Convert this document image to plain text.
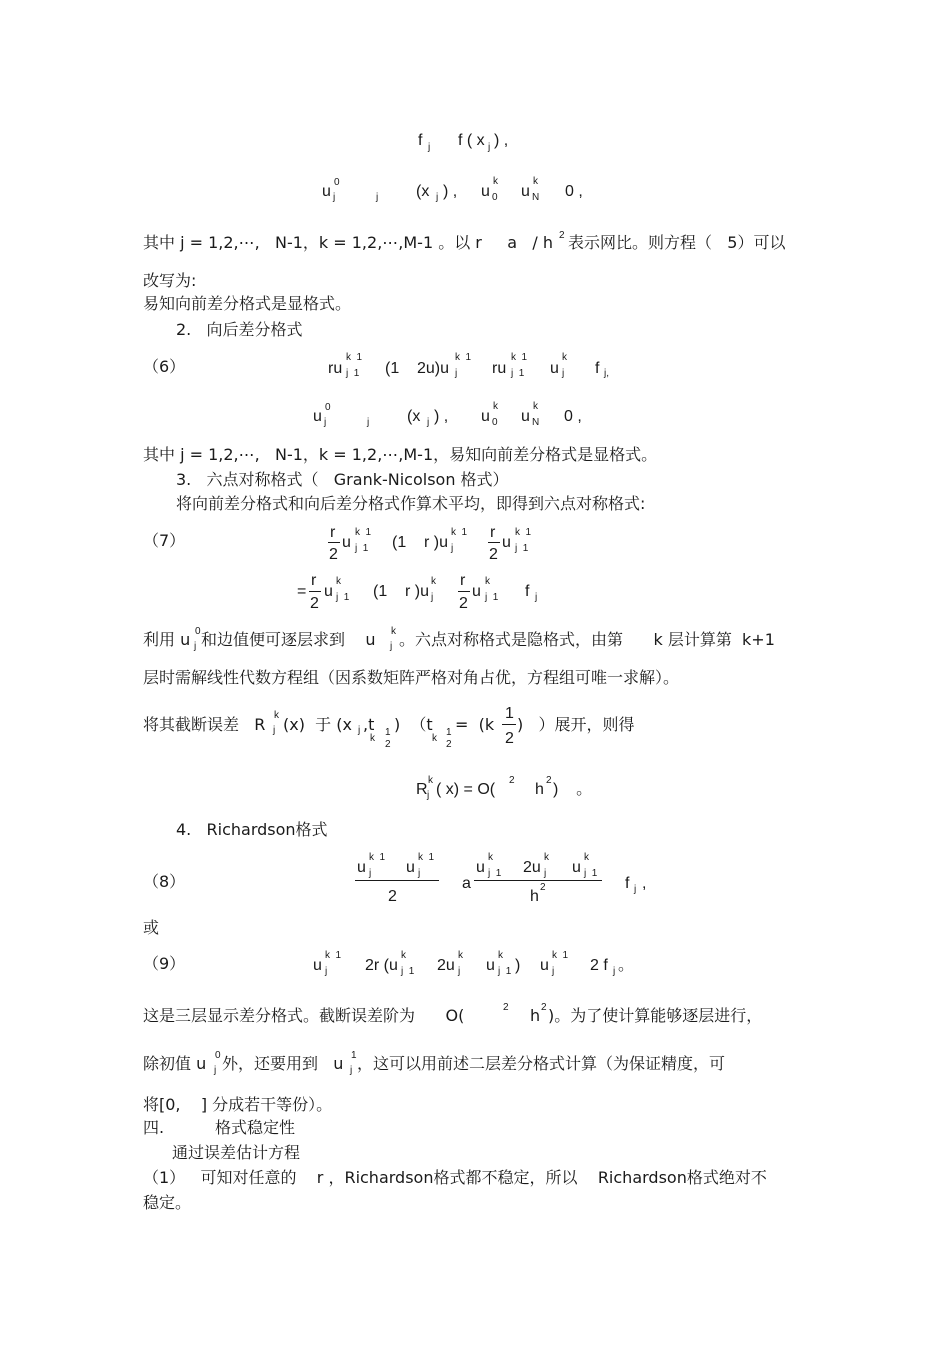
f j f ( x j ) ,
u
0
j	j (x j ) , u
k
0 u
k
N 0 ,
其中 j = 1,2,⋯,   N-1，k = 1,2,⋯,M-1 。以 r     a   / h 2 表示网比。则方程（   5）可以
改写为:
易知向前差分格式是显格式。
2.   向后差分格式
（6）	ru
k  1
j  1 (1    2u)u
k  1
j ru
k  1
j  1 u
k
j f j,
u
0
j	j (x j ) , u
k
0 u
k
N 0 ,
其中 j = 1,2,⋯,   N-1，k = 1,2,⋯,M-1，易知向前差分格式是显格式。
3.   六点对称格式（   Grank-Nicolson 格式）
将向前差分格式和向后差分格式作算术平均，即得到六点对称格式:
（7）	r
2
u
k  1
j  1 (1    r )u
k  1
j
r
2
u
k  1
j  1
=
r
2
u
k
j  1 (1    r )u
k
j
r
2
u
k
j  1 f j
利用 u 0
j 和边值便可逐层求到    u k
j 。六点对称格式是隐格式，由第      k 层计算第  k+1
层时需解线性代数方程组（因系数矩阵严格对角占优，方程组可唯一求解）。
将其截断误差   R k
j (x)  于 (x j ,t
k
1
2
)  （t
k
1
2
=  (k
1
2
)   ）展开，则得
R
k
j ( x) = O(
2
h
2
)    。
4.   Richardson格式
（8）
u
k  1
j u
k  1
j
2
a
u
k
j  1 2u
k
j u
k
j  1
h
2	f j ,
或
（9）	u
k  1
j 2r (u
k
j  1 2u
k
j u
k
j  1 ) u
k  1
j 2 f j 。
这是三层显示差分格式。截断误差阶为      O(	2 h 2 )。为了使计算能够逐层进行，
除初值 u 0
j 外，还要用到   u 1
j ，这可以用前述二层差分格式计算（为保证精度，可
将[0,    ] 分成若干等份）。
四.          格式稳定性
通过误差估计方程
（1）   可知对任意的    r ，Richardson格式都不稳定，所以    Richardson格式绝对不
稳定。
